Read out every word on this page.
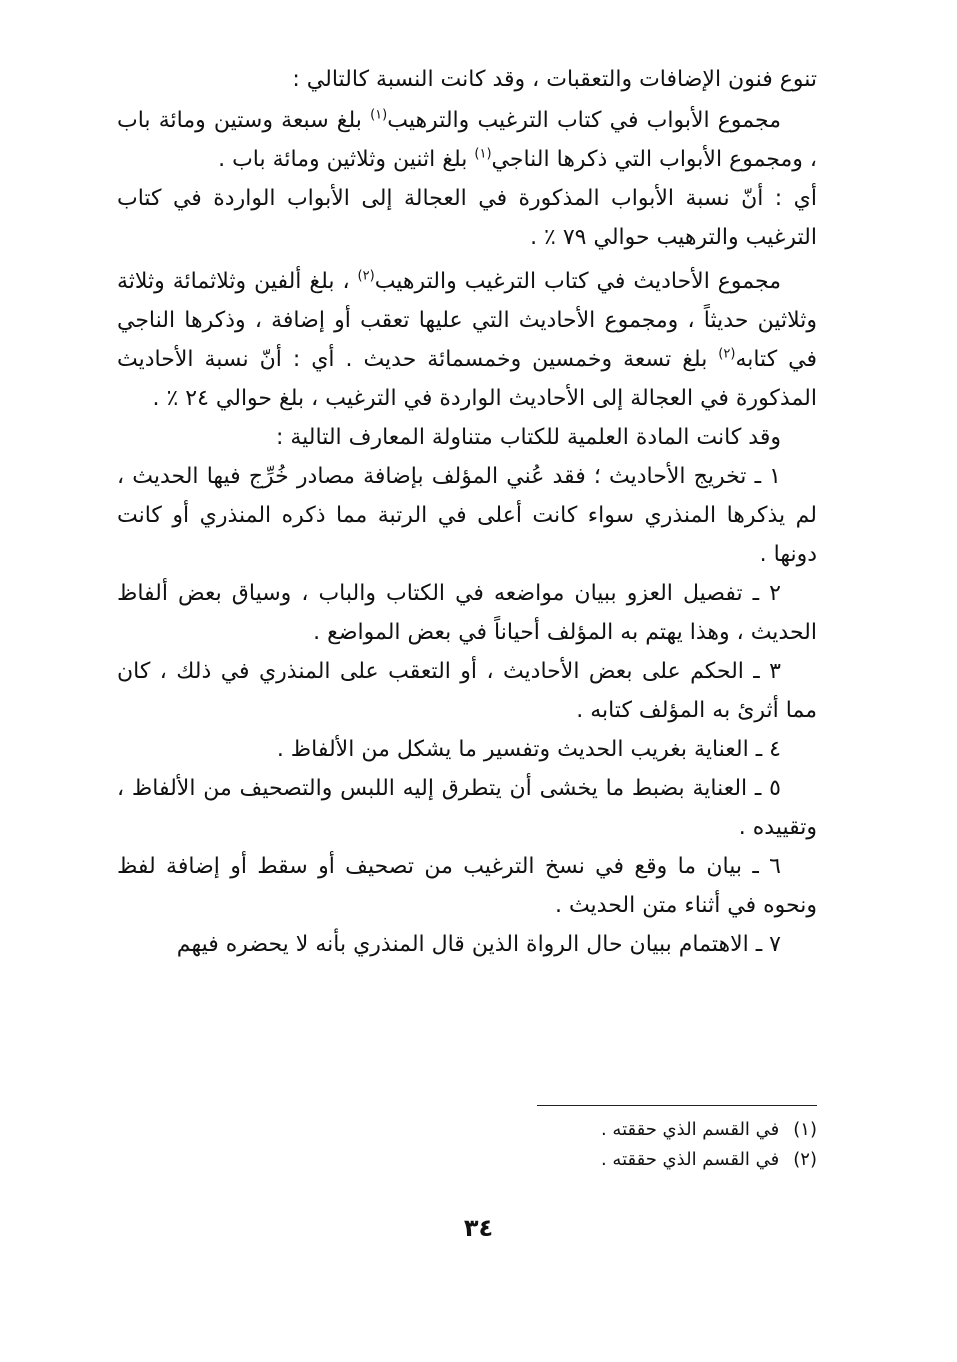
تنوع فنون الإضافات والتعقبات ، وقد كانت النسبة كالتالي :

مجموع الأبواب في كتاب الترغيب والترهيب$^{(١)}$ بلغ سبعة وستين ومائة باب ، ومجموع الأبواب التي ذكرها الناجي$^{(١)}$ بلغ اثنين وثلاثين ومائة باب .

أي : أنّ نسبة الأبواب المذكورة في العجالة إلى الأبواب الواردة في كتاب الترغيب والترهيب حوالي ٧٩ ٪ .

مجموع الأحاديث في كتاب الترغيب والترهيب$^{(٢)}$ ، بلغ ألفين وثلاثمائة وثلاثة وثلاثين حديثاً ، ومجموع الأحاديث التي عليها تعقب أو إضافة ، وذكرها الناجي في كتابه$^{(٢)}$ بلغ تسعة وخمسين وخمسمائة حديث . أي : أنّ نسبة الأحاديث المذكورة في العجالة إلى الأحاديث الواردة في الترغيب ، بلغ حوالي ٢٤ ٪ .

وقد كانت المادة العلمية للكتاب متناولة المعارف التالية :

١ ـ تخريج الأحاديث ؛ فقد عُني المؤلف بإضافة مصادر خُرِّج فيها الحديث ، لم يذكرها المنذري سواء كانت أعلى في الرتبة مما ذكره المنذري أو كانت دونها .

٢ ـ تفصيل العزو ببيان مواضعه في الكتاب والباب ، وسياق بعض ألفاظ الحديث ، وهذا يهتم به المؤلف أحياناً في بعض المواضع .

٣ ـ الحكم على بعض الأحاديث ، أو التعقب على المنذري في ذلك ، كان مما أثرئ به المؤلف كتابه .

٤ ـ العناية بغريب الحديث وتفسير ما يشكل من الألفاظ .

٥ ـ العناية بضبط ما يخشى أن يتطرق إليه اللبس والتصحيف من الألفاظ ، وتقييده .

٦ ـ بيان ما وقع في نسخ الترغيب من تصحيف أو سقط أو إضافة لفظ ونحوه في أثناء متن الحديث .

٧ ـ الاهتمام ببيان حال الرواة الذين قال المنذري بأنه لا يحضره فيهم

(١)في القسم الذي حققته .

(٢)في القسم الذي حققته .

٣٤
